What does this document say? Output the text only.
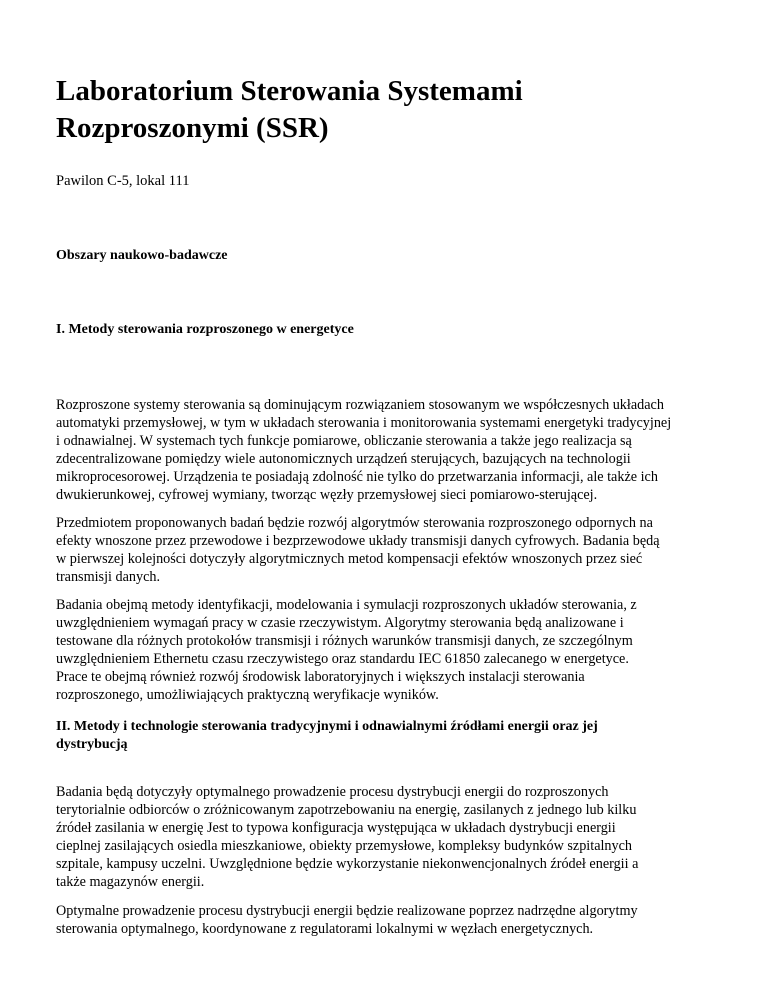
Laboratorium Sterowania Systemami Rozproszonymi (SSR)

Pawilon C-5, lokal 111

Obszary naukowo-badawcze

I. Metody sterowania rozproszonego w energetyce

Rozproszone systemy sterowania są dominującym rozwiązaniem stosowanym we współczesnych układach
automatyki przemysłowej, w tym w układach sterowania i monitorowania systemami energetyki tradycyjnej
i odnawialnej. W systemach tych funkcje pomiarowe, obliczanie sterowania a także jego realizacja są
zdecentralizowane pomiędzy wiele autonomicznych urządzeń sterujących, bazujących na technologii
mikroprocesorowej. Urządzenia te posiadają zdolność nie tylko do przetwarzania informacji, ale także ich
dwukierunkowej, cyfrowej wymiany, tworząc węzły przemysłowej sieci pomiarowo-sterującej.

Przedmiotem proponowanych badań będzie rozwój algorytmów sterowania rozproszonego odpornych na
efekty wnoszone przez przewodowe i bezprzewodowe układy transmisji danych cyfrowych. Badania będą
w pierwszej kolejności dotyczyły algorytmicznych metod kompensacji efektów wnoszonych przez sieć
transmisji danych.

Badania obejmą metody identyfikacji, modelowania i symulacji rozproszonych układów sterowania, z
uwzględnieniem wymagań pracy w czasie rzeczywistym. Algorytmy sterowania będą analizowane i
testowane dla różnych protokołów transmisji i różnych warunków transmisji danych, ze szczególnym
uwzględnieniem Ethernetu czasu rzeczywistego oraz standardu IEC 61850 zalecanego w energetyce.
Prace te obejmą również rozwój środowisk laboratoryjnych i większych instalacji sterowania
rozproszonego, umożliwiających praktyczną weryfikacje wyników.

II. Metody i technologie sterowania tradycyjnymi i odnawialnymi źródłami energii oraz jej
dystrybucją

Badania będą dotyczyły optymalnego prowadzenie procesu dystrybucji energii do rozproszonych
terytorialnie odbiorców o zróżnicowanym zapotrzebowaniu na energię, zasilanych z jednego lub kilku
źródeł zasilania w energię Jest to typowa konfiguracja występująca w układach dystrybucji energii
cieplnej zasilających osiedla mieszkaniowe, obiekty przemysłowe, kompleksy budynków szpitalnych
szpitale, kampusy uczelni. Uwzględnione będzie wykorzystanie niekonwencjonalnych źródeł energii a
także magazynów energii.

Optymalne prowadzenie procesu dystrybucji energii będzie realizowane poprzez nadrzędne algorytmy
sterowania optymalnego, koordynowane z regulatorami lokalnymi w węzłach energetycznych.
